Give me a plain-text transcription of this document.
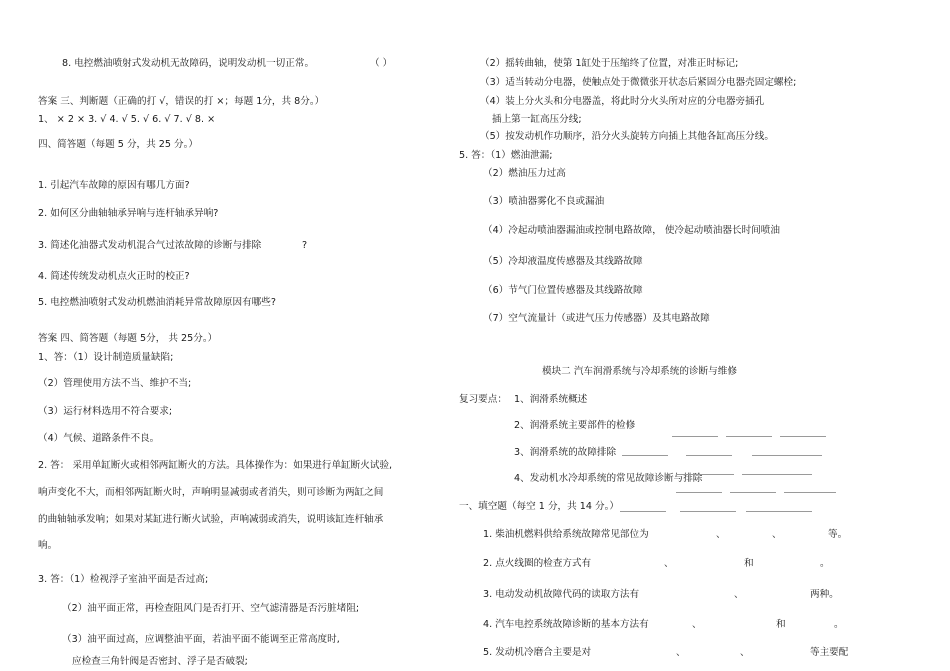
8. 电控燃油喷射式发动机无故障码，说明发动机一切正常。	（ ）
答案 三、判断题（正确的打 √，错误的打 ×；每题 1分，共 8分。）
1、 × 2 × 3. √ 4. √ 5. √ 6. √ 7. √ 8. ×
四、简答题（每题 5 分，共 25 分。）
1. 引起汽车故障的原因有哪几方面?
2. 如何区分曲轴轴承异响与连杆轴承异响?
3. 简述化油器式发动机混合气过浓故障的诊断与排除	?
4. 简述传统发动机点火正时的校正?
5. 电控燃油喷射式发动机燃油消耗异常故障原因有哪些?
答案 四、简答题（每题 5分， 共 25分。）
1、答：（1）设计制造质量缺陷;
（2）管理使用方法不当、维护不当;
（3）运行材料选用不符合要求;
（4）气候、道路条件不良。
2. 答： 采用单缸断火或相邻两缸断火的方法。具体操作为：如果进行单缸断火试验,
响声变化不大，而相邻两缸断火时，声响明显减弱或者消失，则可诊断为两缸之间
的曲轴轴承发响；如果对某缸进行断火试验，声响减弱或消失，说明该缸连杆轴承
响。
3. 答：（1）检视浮子室油平面是否过高;
（2）油平面正常，再检查阻风门是否打开、空气滤清器是否污脏堵阻;
（3）油平面过高，应调整油平面，若油平面不能调至正常高度时,
应检查三角针阀是否密封、浮子是否破裂;
（2）摇转曲轴，使第 1缸处于压缩终了位置，对准正时标记;
（3）适当转动分电器，使触点处于微微张开状态后紧固分电器壳固定螺栓;
（4）装上分火头和分电器盖，将此时分火头所对应的分电器旁插孔
插上第一缸高压分线;
（5）按发动机作功顺序，沿分火头旋转方向插上其他各缸高压分线。
5. 答：（1）燃油泄漏;
（2）燃油压力过高
（3）喷油器雾化不良或漏油
（4）冷起动喷油器漏油或控制电路故障， 使冷起动喷油器长时间喷油
（5）冷却液温度传感器及其线路故障
（6）节气门位置传感器及其线路故障
（7）空气流量计（或进气压力传感器）及其电路故障
模块二 汽车润滑系统与冷却系统的诊断与维修
复习要点： 1、润滑系统概述
2、润滑系统主要部件的检修
3、润滑系统的故障排除
4、发动机水冷却系统的常见故障诊断与排除
一、填空题（每空 1 分，共 14 分。）
1. 柴油机燃料供给系统故障常见部位为	、	、	等。
2. 点火线圈的检查方式有	、	和	。
3. 电动发动机故障代码的读取方法有	、	两种。
4. 汽车电控系统故障诊断的基本方法有	、	和	。
5. 发动机冷磨合主要是对	、	、	等主要配
